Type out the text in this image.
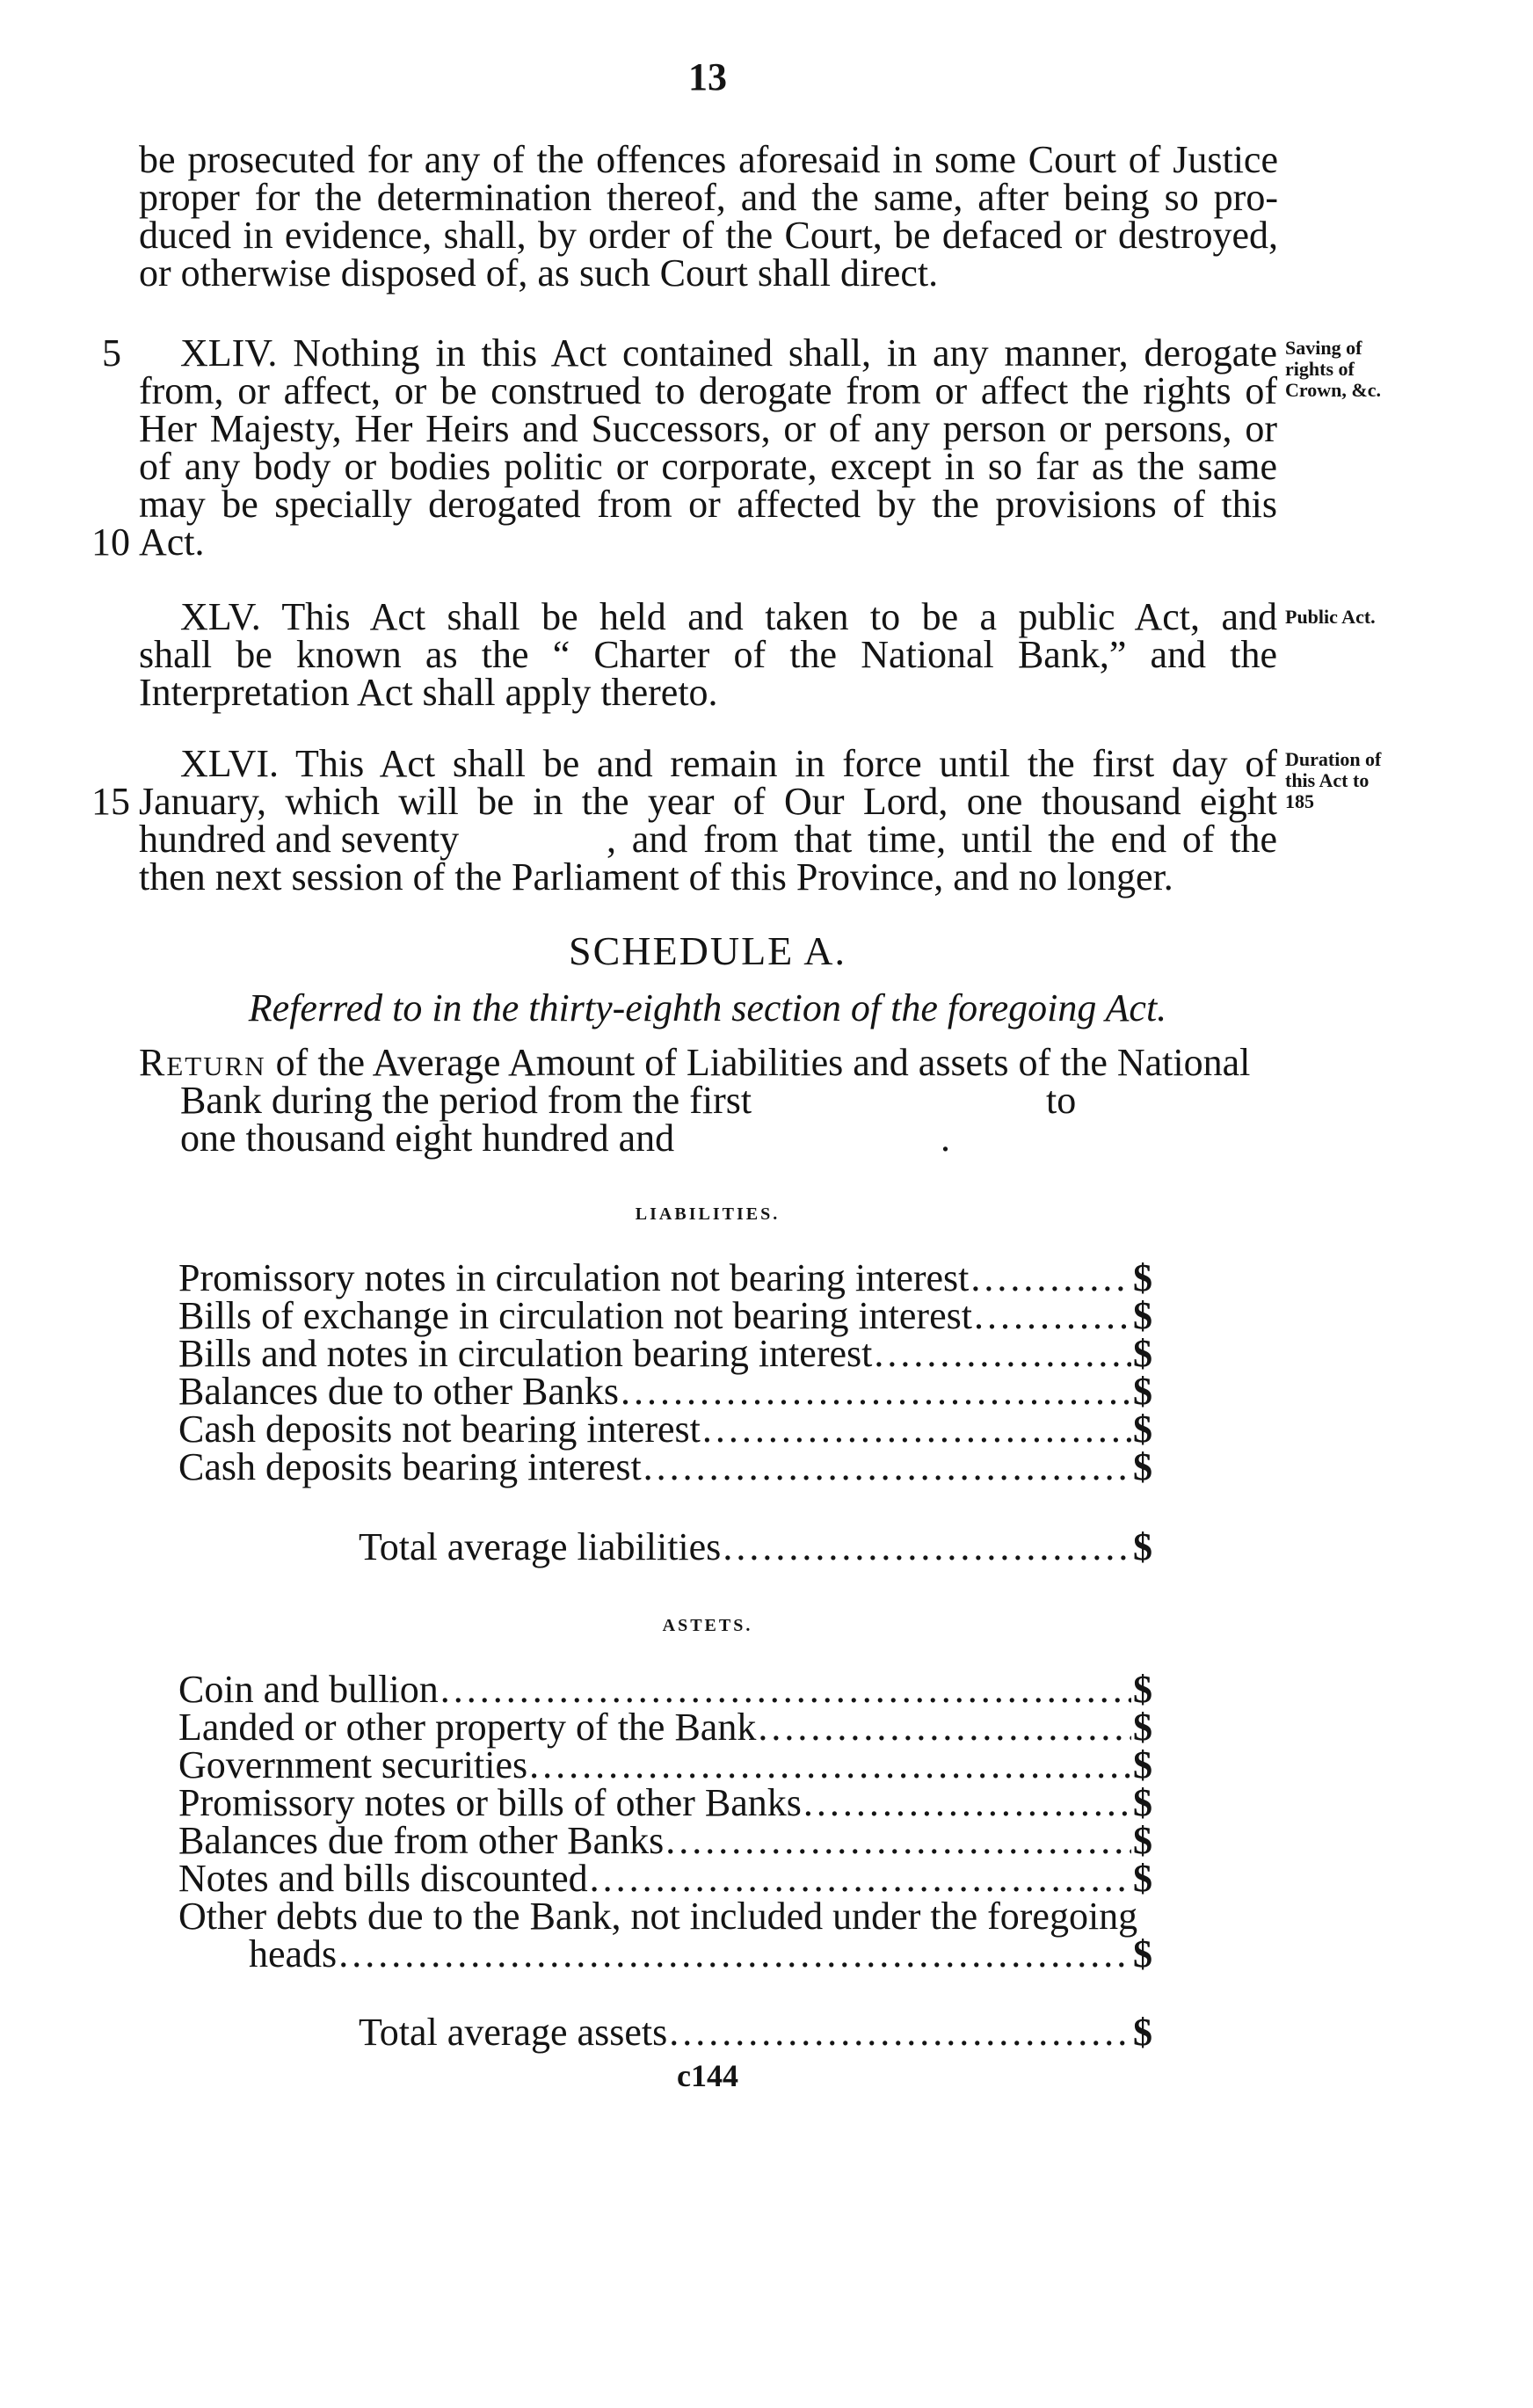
13
be prosecuted for any of the offences aforesaid in some Court of Justice
proper for the determination thereof, and the same, after being so pro-
duced in evidence, shall, by order of the Court, be defaced or destroyed,
or otherwise disposed of, as such Court shall direct.
5
10
15
XLIV. Nothing in this Act contained shall, in any manner, derogate
from, or affect, or be construed to derogate from or affect the rights of
Her Majesty, Her Heirs and Successors, or of any person or persons, or
of any body or bodies politic or corporate, except in so far as the same
may be specially derogated from or affected by the provisions of this
Act.
Saving of
rights of
Crown, &c.
XLV. This Act shall be held and taken to be a public Act, and
shall be known as the “ Charter of the National Bank,” and the
Interpretation Act shall apply thereto.
Public Act.
XLVI. This Act shall be and remain in force until the first day of
January, which will be in the year of Our Lord, one thousand eight
hundred and seventy	, and from that time, until the end of the
then next session of the Parliament of this Province, and no longer.
Duration of
this Act to
185
SCHEDULE A.
Referred to in the thirty-eighth section of the foregoing Act.
Return of the Average Amount of Liabilities and assets of the National
Bank during the period from the first	to
one thousand eight hundred and	.
LIABILITIES.
Promissory notes in circulation not bearing interest .....	$
Bills of exchange in circulation not bearing interest .....	$
Bills and notes in circulation bearing interest .....	$
Balances due to other Banks .....	$
Cash deposits not bearing interest .....	$
Cash deposits bearing interest .....	$
Total average liabilities .....	$
ASTETS.
Coin and bullion .....	$
Landed or other property of the Bank .....	$
Government securities .....	$
Promissory notes or bills of other Banks .....	$
Balances due from other Banks .....	$
Notes and bills discounted .....	$
Other debts due to the Bank, not included under the foregoing
heads .....	$
Total average assets .....	$
c144
